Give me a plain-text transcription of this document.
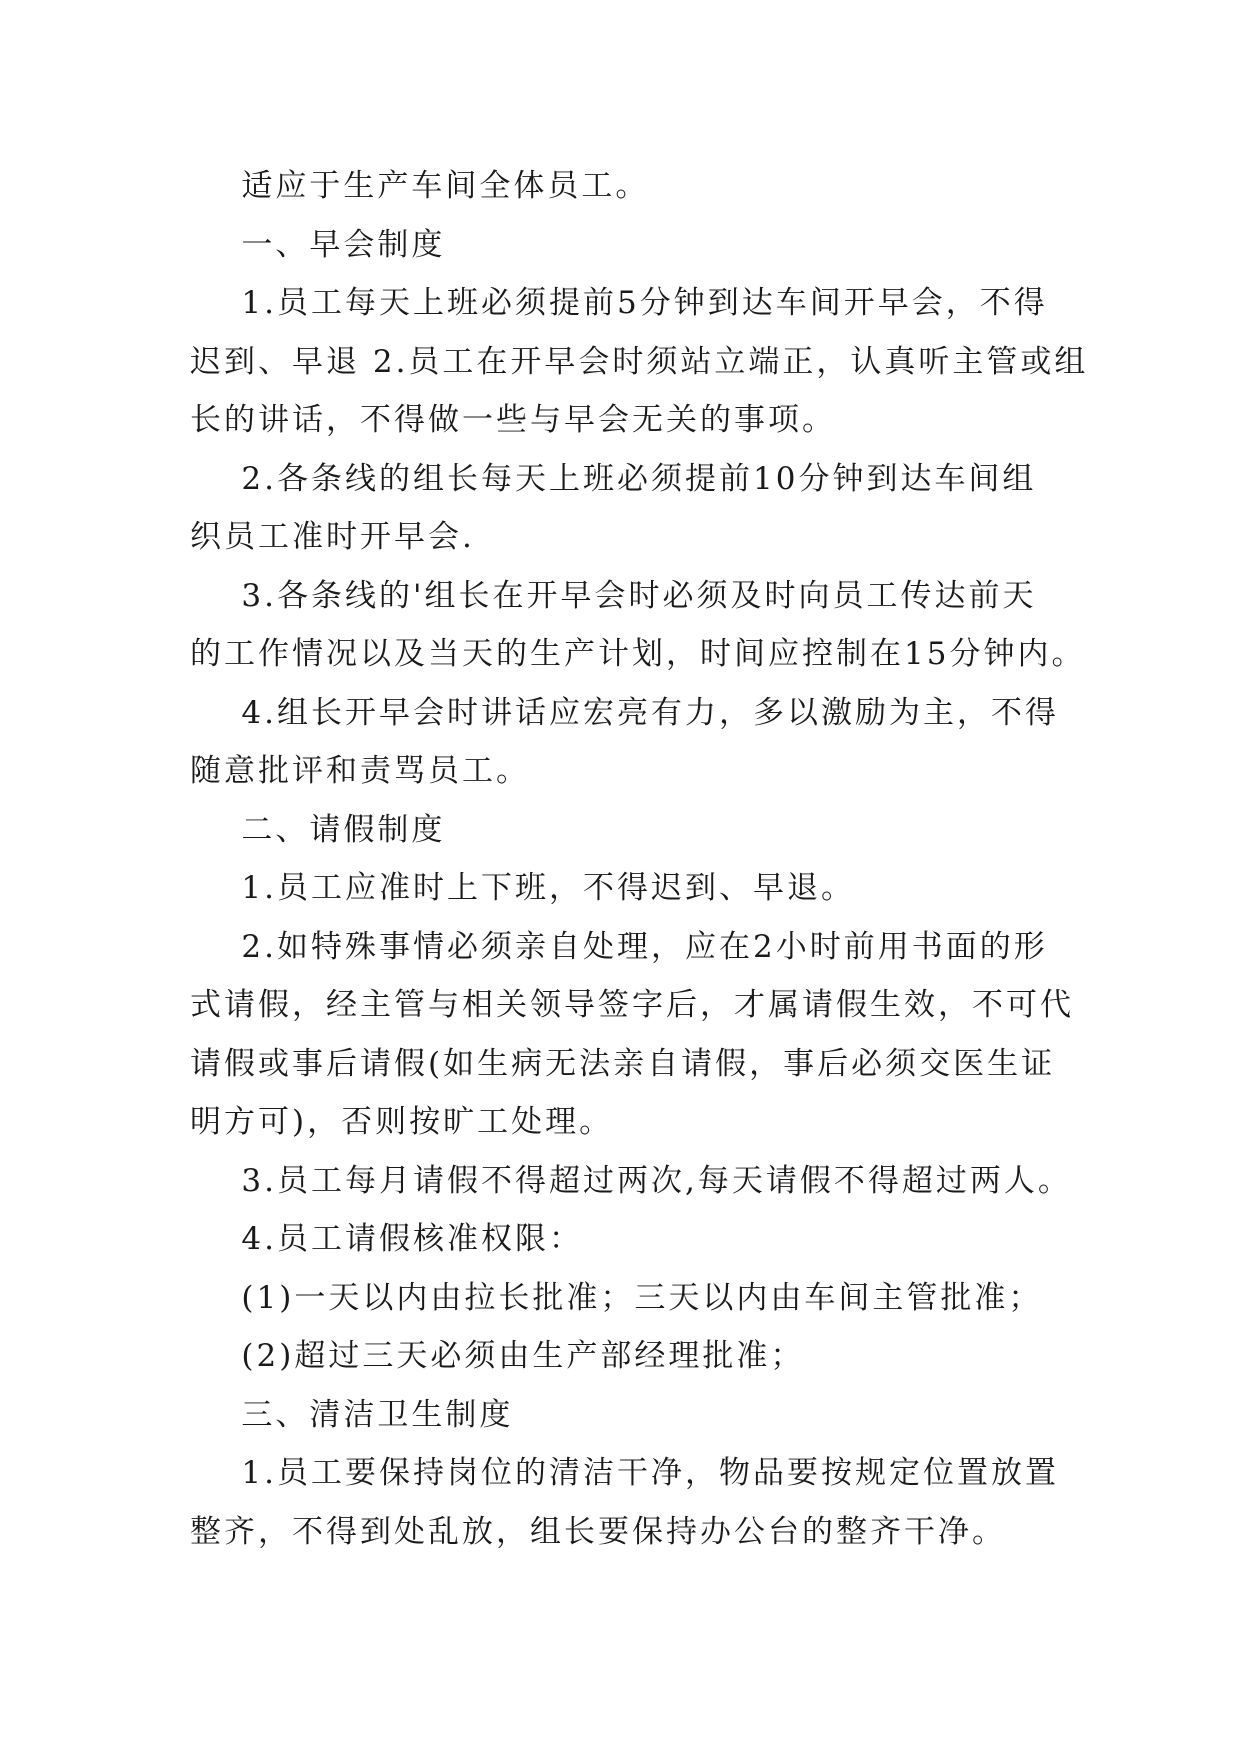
适应于生产车间全体员工。

一、早会制度

1.员工每天上班必须提前5分钟到达车间开早会，不得
迟到、早退 2.员工在开早会时须站立端正，认真听主管或组
长的讲话，不得做一些与早会无关的事项。

2.各条线的组长每天上班必须提前10分钟到达车间组
织员工准时开早会.

3.各条线的'组长在开早会时必须及时向员工传达前天
的工作情况以及当天的生产计划，时间应控制在15分钟内。

4.组长开早会时讲话应宏亮有力，多以激励为主，不得
随意批评和责骂员工。

二、请假制度

1.员工应准时上下班，不得迟到、早退。

2.如特殊事情必须亲自处理，应在2小时前用书面的形
式请假，经主管与相关领导签字后，才属请假生效，不可代
请假或事后请假(如生病无法亲自请假，事后必须交医生证
明方可)，否则按旷工处理。

3.员工每月请假不得超过两次,每天请假不得超过两人。

4.员工请假核准权限：

(1)一天以内由拉长批准；三天以内由车间主管批准；

(2)超过三天必须由生产部经理批准；

三、清洁卫生制度

1.员工要保持岗位的清洁干净，物品要按规定位置放置
整齐，不得到处乱放，组长要保持办公台的整齐干净。
